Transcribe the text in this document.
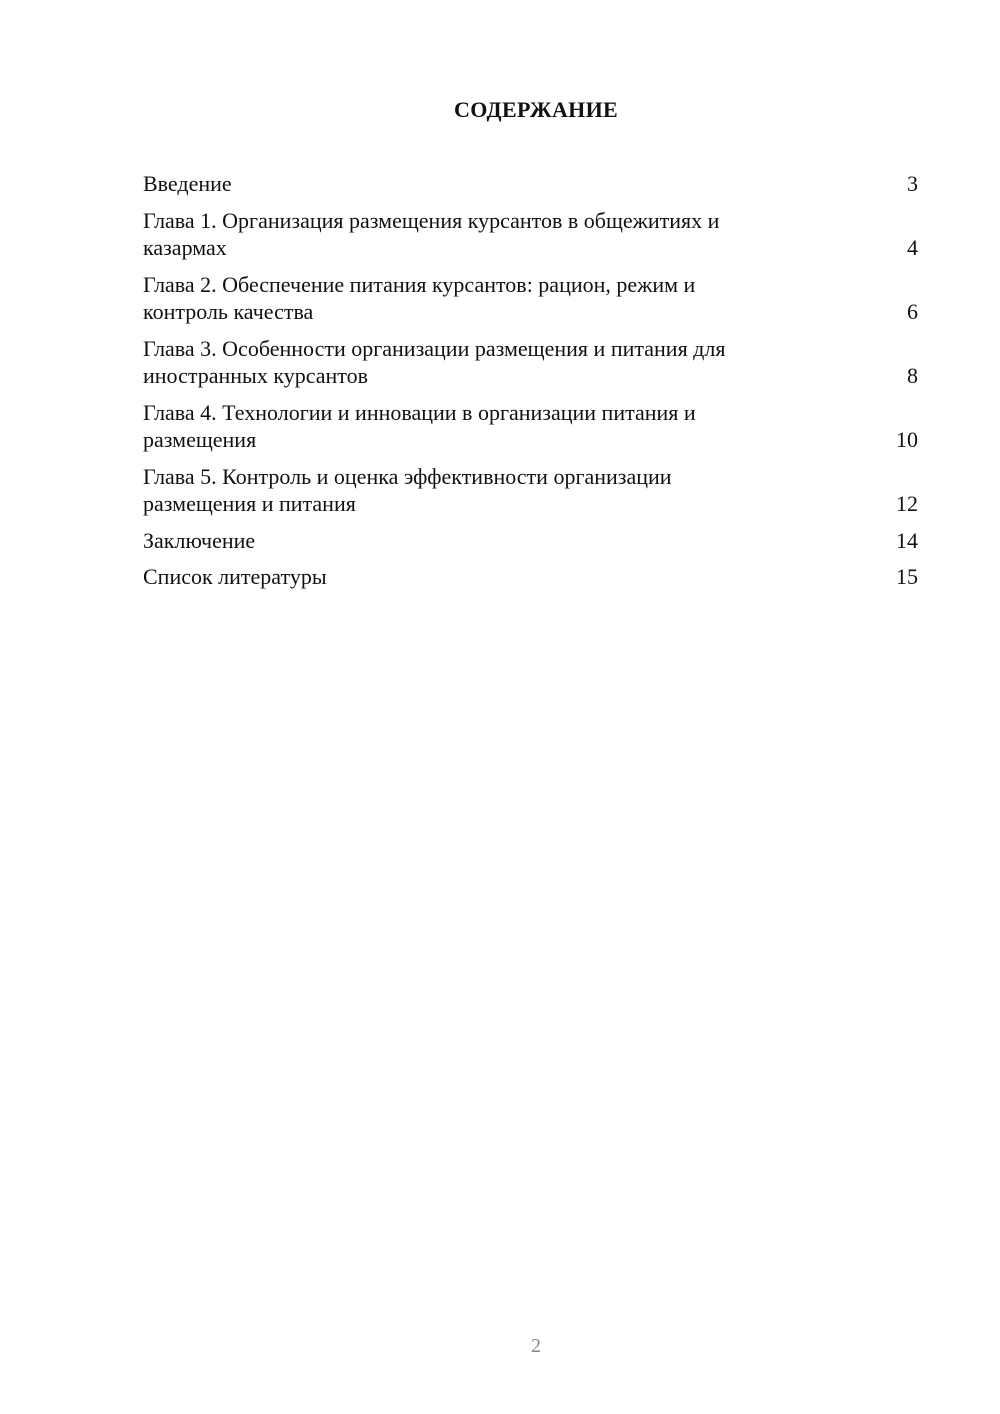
СОДЕРЖАНИЕ
Введение	3
Глава 1. Организация размещения курсантов в общежитиях и
казармах	4
Глава 2. Обеспечение питания курсантов: рацион, режим и
контроль качества	6
Глава 3. Особенности организации размещения и питания для
иностранных курсантов	8
Глава 4. Технологии и инновации в организации питания и
размещения	10
Глава 5. Контроль и оценка эффективности организации
размещения и питания	12
Заключение	14
Список литературы	15
2
